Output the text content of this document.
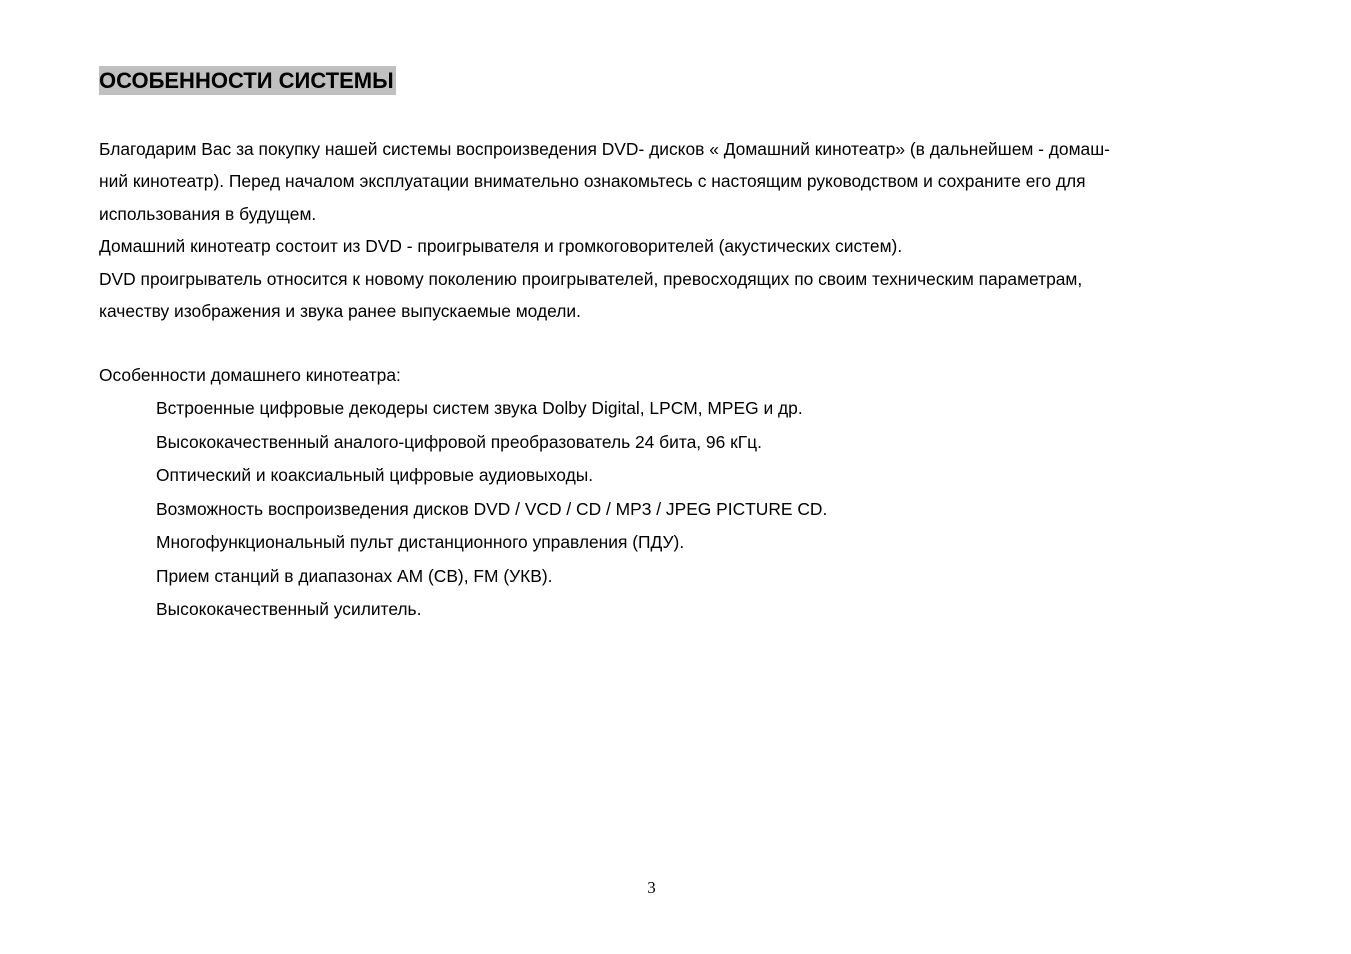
ОСОБЕННОСТИ СИСТЕМЫ
Благодарим Вас за покупку нашей системы воспроизведения DVD- дисков « Домашний кинотеатр» (в дальнейшем - домаш-
ний кинотеатр). Перед началом эксплуатации внимательно ознакомьтесь с настоящим руководством и сохраните его для
использования в будущем.
Домашний кинотеатр состоит из DVD - проигрывателя и громкоговорителей (акустических систем).
DVD проигрыватель относится к новому поколению проигрывателей, превосходящих по своим техническим параметрам,
качеству изображения и звука ранее выпускаемые модели.
Особенности домашнего кинотеатра:
Встроенные цифровые декодеры систем звука Dolby Digital, LPCM, MPEG и др.
Высококачественный аналого-цифровой преобразователь 24 бита, 96 кГц.
Оптический и коаксиальный цифровые аудиовыходы.
Возможность воспроизведения дисков DVD / VCD / CD / MP3 / JPEG PICTURE CD.
Многофункциональный пульт дистанционного управления (ПДУ).
Прием станций в диапазонах АМ (СВ), FM (УКВ).
Высококачественный усилитель.
3
